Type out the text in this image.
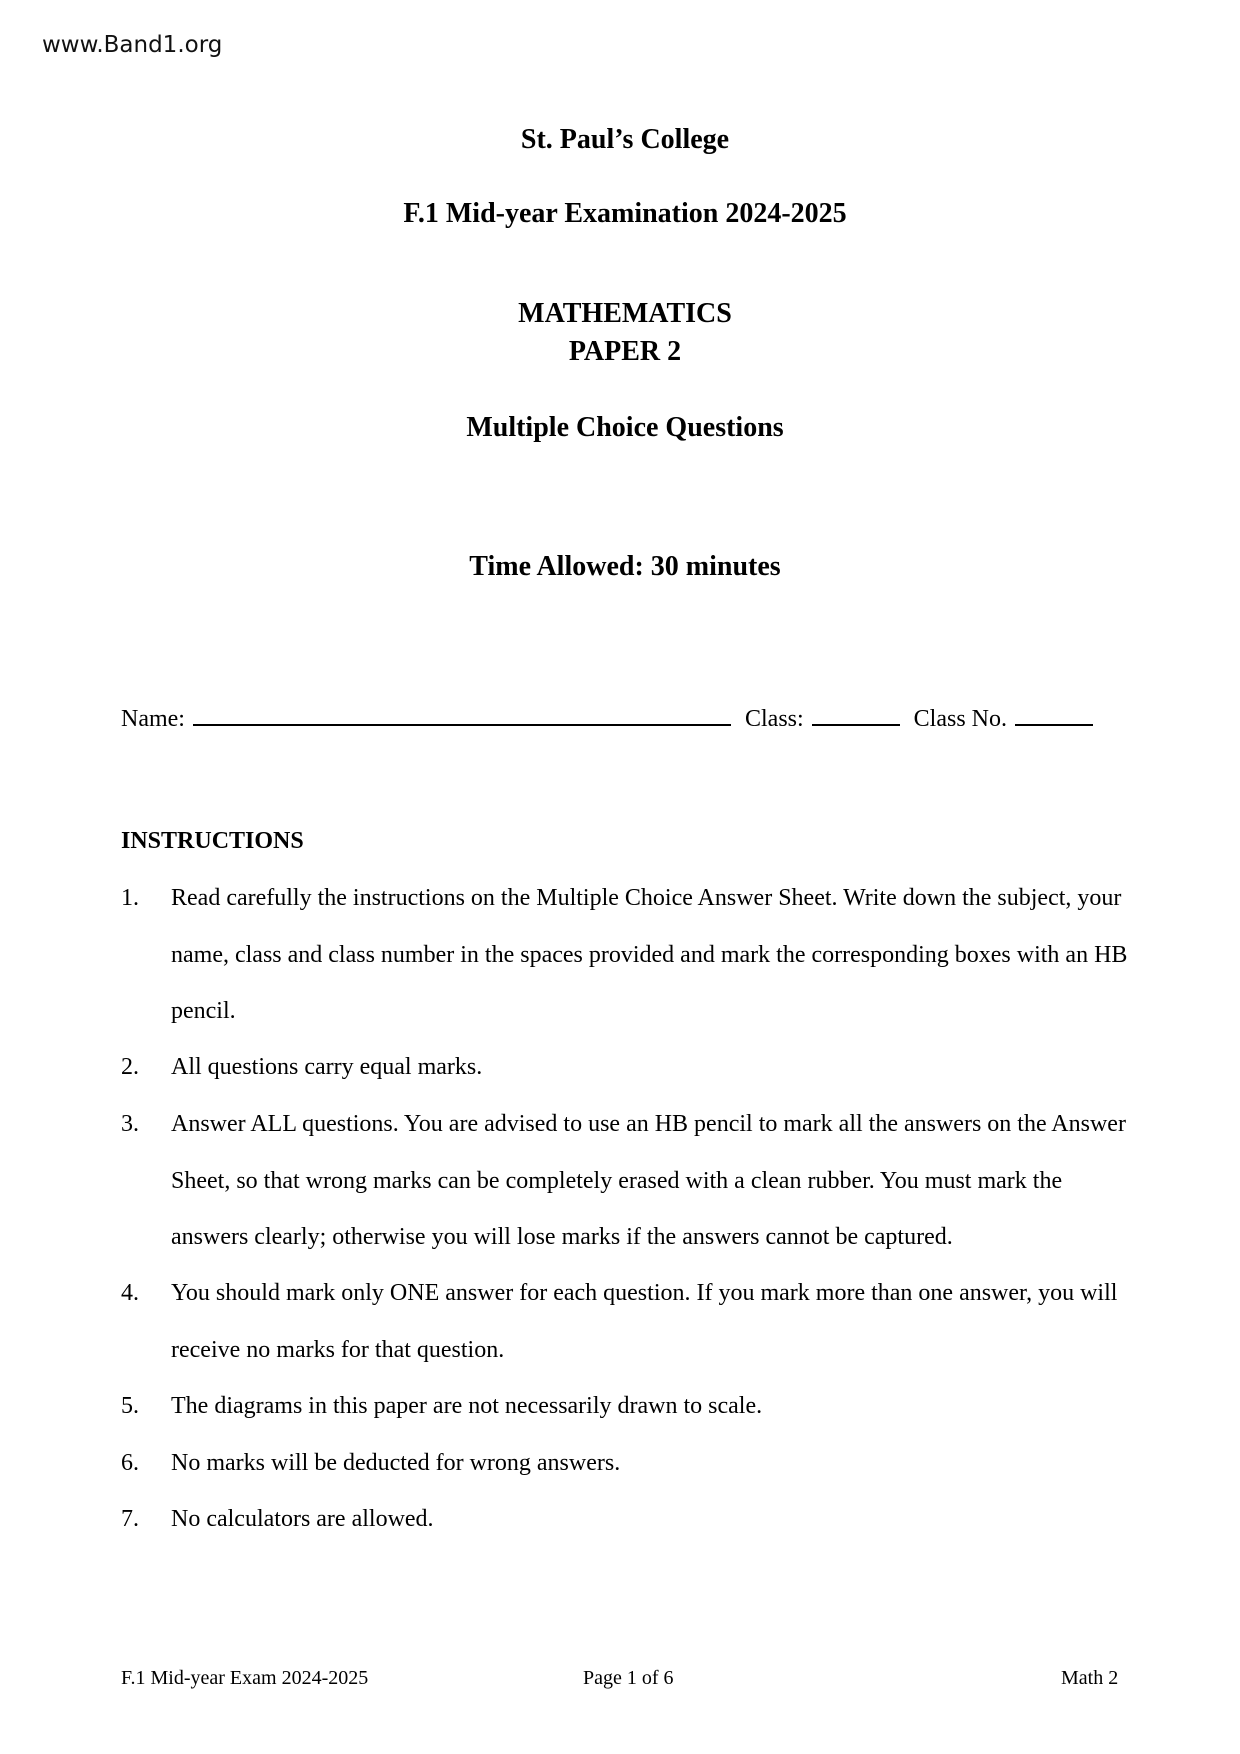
www.Band1.org
St. Paul’s College
F.1 Mid-year Examination 2024-2025
MATHEMATICS
PAPER 2
Multiple Choice Questions
Time Allowed: 30 minutes
Name:	Class:	Class No.
INSTRUCTIONS
1. Read carefully the instructions on the Multiple Choice Answer Sheet. Write down the subject, your name, class and class number in the spaces provided and mark the corresponding boxes with an HB pencil.
2. All questions carry equal marks.
3. Answer ALL questions. You are advised to use an HB pencil to mark all the answers on the Answer Sheet, so that wrong marks can be completely erased with a clean rubber. You must mark the answers clearly; otherwise you will lose marks if the answers cannot be captured.
4. You should mark only ONE answer for each question. If you mark more than one answer, you will receive no marks for that question.
5. The diagrams in this paper are not necessarily drawn to scale.
6. No marks will be deducted for wrong answers.
7. No calculators are allowed.
F.1 Mid-year Exam 2024-2025	Page 1 of 6	Math 2
